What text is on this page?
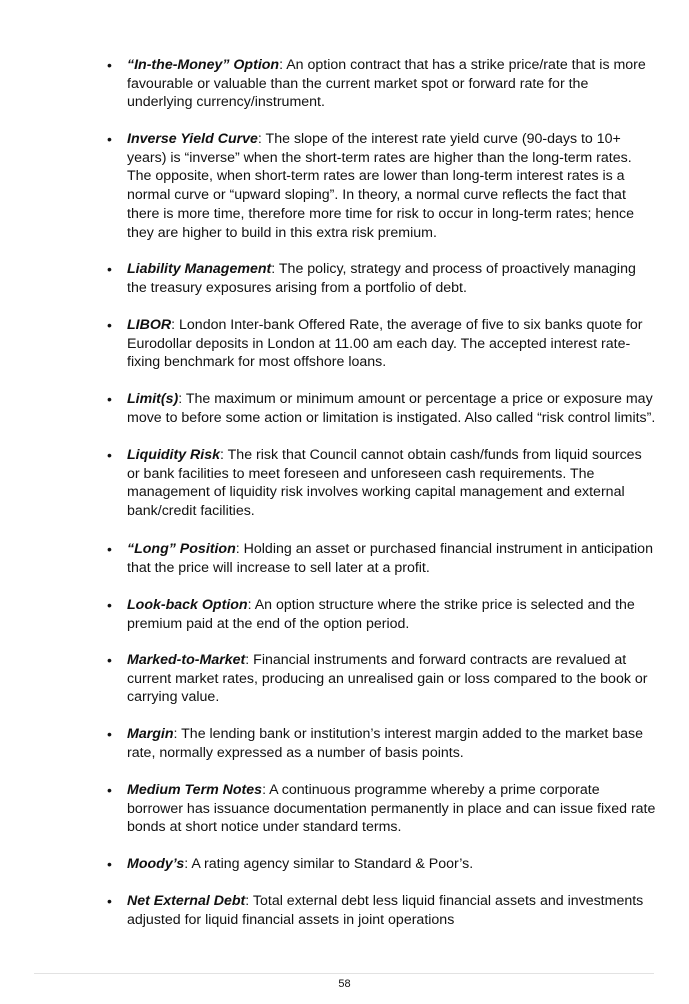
• “In-the-Money” Option: An option contract that has a strike price/rate that is more
favourable or valuable than the current market spot or forward rate for the
underlying currency/instrument.
• Inverse Yield Curve: The slope of the interest rate yield curve (90-days to 10+
years) is “inverse” when the short-term rates are higher than the long-term rates.
The opposite, when short-term rates are lower than long-term interest rates is a
normal curve or “upward sloping”. In theory, a normal curve reflects the fact that
there is more time, therefore more time for risk to occur in long-term rates; hence
they are higher to build in this extra risk premium.
• Liability Management: The policy, strategy and process of proactively managing
the treasury exposures arising from a portfolio of debt.
• LIBOR: London Inter-bank Offered Rate, the average of five to six banks quote for
Eurodollar deposits in London at 11.00 am each day. The accepted interest rate-
fixing benchmark for most offshore loans.
• Limit(s): The maximum or minimum amount or percentage a price or exposure may
move to before some action or limitation is instigated. Also called “risk control limits”.
• Liquidity Risk: The risk that Council cannot obtain cash/funds from liquid sources
or bank facilities to meet foreseen and unforeseen cash requirements. The
management of liquidity risk involves working capital management and external
bank/credit facilities.
• “Long” Position: Holding an asset or purchased financial instrument in anticipation
that the price will increase to sell later at a profit.
• Look-back Option: An option structure where the strike price is selected and the
premium paid at the end of the option period.
• Marked-to-Market: Financial instruments and forward contracts are revalued at
current market rates, producing an unrealised gain or loss compared to the book or
carrying value.
• Margin: The lending bank or institution’s interest margin added to the market base
rate, normally expressed as a number of basis points.
• Medium Term Notes: A continuous programme whereby a prime corporate
borrower has issuance documentation permanently in place and can issue fixed rate
bonds at short notice under standard terms.
• Moody’s: A rating agency similar to Standard & Poor’s.
• Net External Debt: Total external debt less liquid financial assets and investments
adjusted for liquid financial assets in joint operations
58
